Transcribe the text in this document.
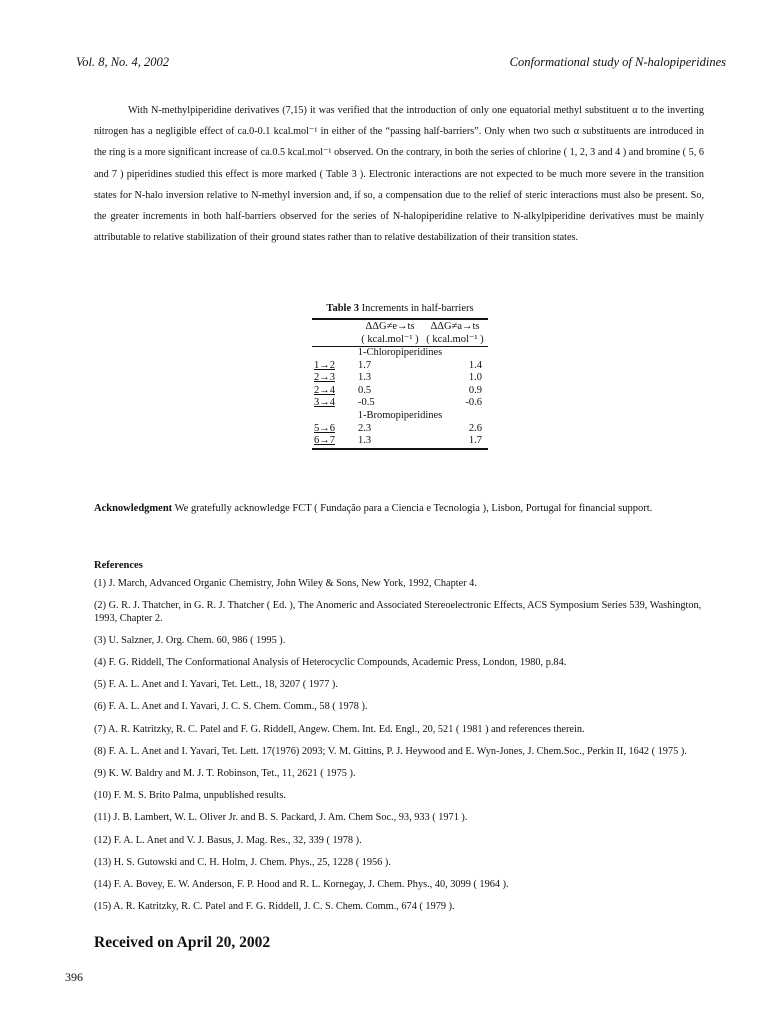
Vol. 8, No. 4, 2002	Conformational study of N-halopiperidines

With N-methylpiperidine derivatives (7,15) it was verified that the introduction of only one equatorial methyl substituent α to the inverting nitrogen has a negligible effect of ca.0-0.1 kcal.mol⁻¹ in either of the “passing half-barriers”. Only when two such α substituents are introduced in the ring is a more significant increase of ca.0.5 kcal.mol⁻¹ observed. On the contrary, in both the series of chlorine ( 1, 2, 3 and 4 ) and bromine ( 5, 6 and 7 ) piperidines studied this effect is more marked ( Table 3 ). Electronic interactions are not expected to be much more severe in the transition states for N-halo inversion relative to N-methyl inversion and, if so, a compensation due to the relief of steric interactions must also be present. So, the greater increments in both half-barriers observed for the series of N-halopiperidine relative to N-alkylpiperidine derivatives must be mainly attributable to relative stabilization of their ground states rather than to relative destabilization of their transition states.

Table 3 Increments in half-barriers

	ΔΔG≠e→ts	ΔΔG≠a→ts
	( kcal.mol⁻¹ )	( kcal.mol⁻¹ )

1-Chloropiperidines		
1→2	1.7	1.4
2→3	1.3	1.0
2→4	0.5	0.9
3→4	-0.5	-0.6
1-Bromopiperidines		
5→6	2.3	2.6
6→7	1.3	1.7

Acknowledgment We gratefully acknowledge FCT ( Fundação para a Ciencia e Tecnologia ), Lisbon, Portugal for financial support.

References
(1) J. March, Advanced Organic Chemistry, John Wiley & Sons, New York, 1992, Chapter 4.
(2) G. R. J. Thatcher, in G. R. J. Thatcher ( Ed. ), The Anomeric and Associated Stereoelectronic Effects, ACS Symposium Series 539, Washington, 1993, Chapter 2.
(3) U. Salzner, J. Org. Chem. 60, 986 ( 1995 ).
(4) F. G. Riddell, The Conformational Analysis of Heterocyclic Compounds, Academic Press, London, 1980, p.84.
(5) F. A. L. Anet and I. Yavari, Tet. Lett., 18, 3207 ( 1977 ).
(6) F. A. L. Anet and I. Yavari, J. C. S. Chem. Comm., 58 ( 1978 ).
(7) A. R. Katritzky, R. C. Patel and F. G. Riddell, Angew. Chem. Int. Ed. Engl., 20, 521 ( 1981 ) and references therein.
(8) F. A. L. Anet and I. Yavari, Tet. Lett. 17(1976) 2093; V. M. Gittins, P. J. Heywood and E. Wyn-Jones, J. Chem.Soc., Perkin II, 1642 ( 1975 ).
(9) K. W. Baldry and M. J. T. Robinson, Tet., 11, 2621 ( 1975 ).
(10) F. M. S. Brito Palma, unpublished results.
(11) J. B. Lambert, W. L. Oliver Jr. and B. S. Packard, J. Am. Chem Soc., 93, 933 ( 1971 ).
(12) F. A. L. Anet and V. J. Basus, J. Mag. Res., 32, 339 ( 1978 ).
(13) H. S. Gutowski and C. H. Holm, J. Chem. Phys., 25, 1228 ( 1956 ).
(14) F. A. Bovey, E. W. Anderson, F. P. Hood and R. L. Kornegay, J. Chem. Phys., 40, 3099 ( 1964 ).
(15) A. R. Katritzky, R. C. Patel and F. G. Riddell, J. C. S. Chem. Comm., 674 ( 1979 ).
Received on April 20, 2002
396
